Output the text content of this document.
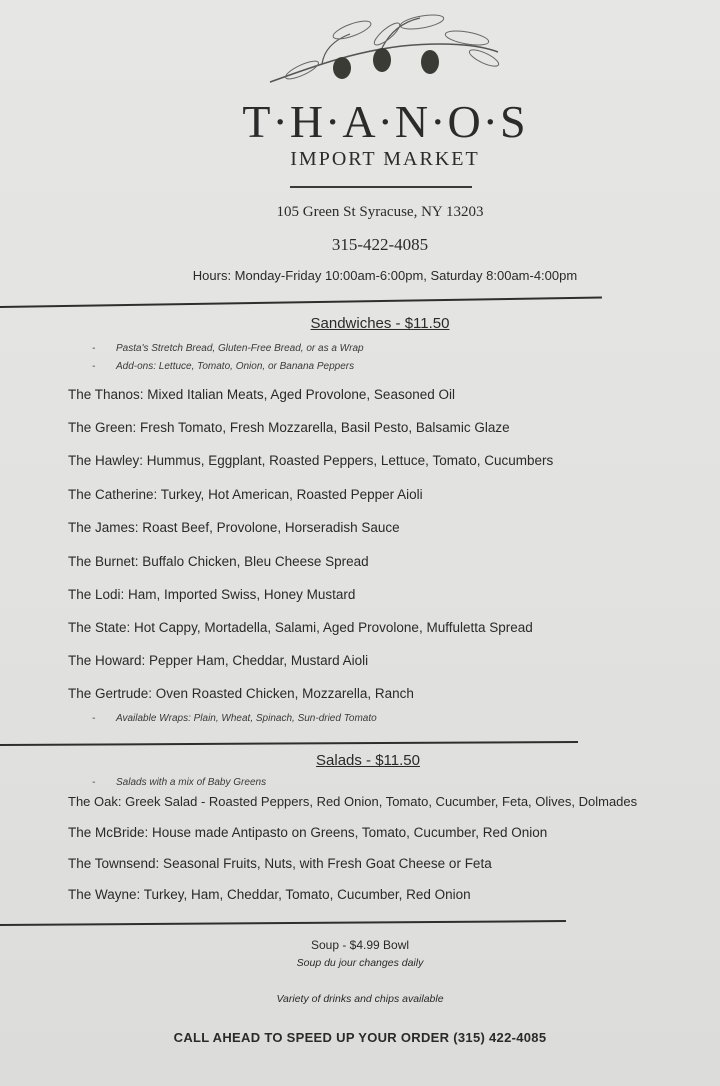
T·H·A·N·O·S
IMPORT MARKET
105 Green St Syracuse, NY 13203
315-422-4085
Hours: Monday-Friday 10:00am-6:00pm, Saturday 8:00am-4:00pm
Sandwiches - $11.50
- Pasta's Stretch Bread, Gluten-Free Bread, or as a Wrap
- Add-ons: Lettuce, Tomato, Onion, or Banana Peppers
The Thanos: Mixed Italian Meats, Aged Provolone, Seasoned Oil
The Green: Fresh Tomato, Fresh Mozzarella, Basil Pesto, Balsamic Glaze
The Hawley: Hummus, Eggplant, Roasted Peppers, Lettuce, Tomato, Cucumbers
The Catherine: Turkey, Hot American, Roasted Pepper Aioli
The James: Roast Beef, Provolone, Horseradish Sauce
The Burnet: Buffalo Chicken, Bleu Cheese Spread
The Lodi: Ham, Imported Swiss, Honey Mustard
The State: Hot Cappy, Mortadella, Salami, Aged Provolone, Muffuletta Spread
The Howard: Pepper Ham, Cheddar, Mustard Aioli
The Gertrude: Oven Roasted Chicken, Mozzarella, Ranch
- Available Wraps: Plain, Wheat, Spinach, Sun-dried Tomato
Salads - $11.50
- Salads with a mix of Baby Greens
The Oak: Greek Salad - Roasted Peppers, Red Onion, Tomato, Cucumber, Feta, Olives, Dolmades
The McBride: House made Antipasto on Greens, Tomato, Cucumber, Red Onion
The Townsend: Seasonal Fruits, Nuts, with Fresh Goat Cheese or Feta
The Wayne: Turkey, Ham, Cheddar, Tomato, Cucumber, Red Onion
Soup - $4.99 Bowl
Soup du jour changes daily
Variety of drinks and chips available
CALL AHEAD TO SPEED UP YOUR ORDER (315) 422-4085
